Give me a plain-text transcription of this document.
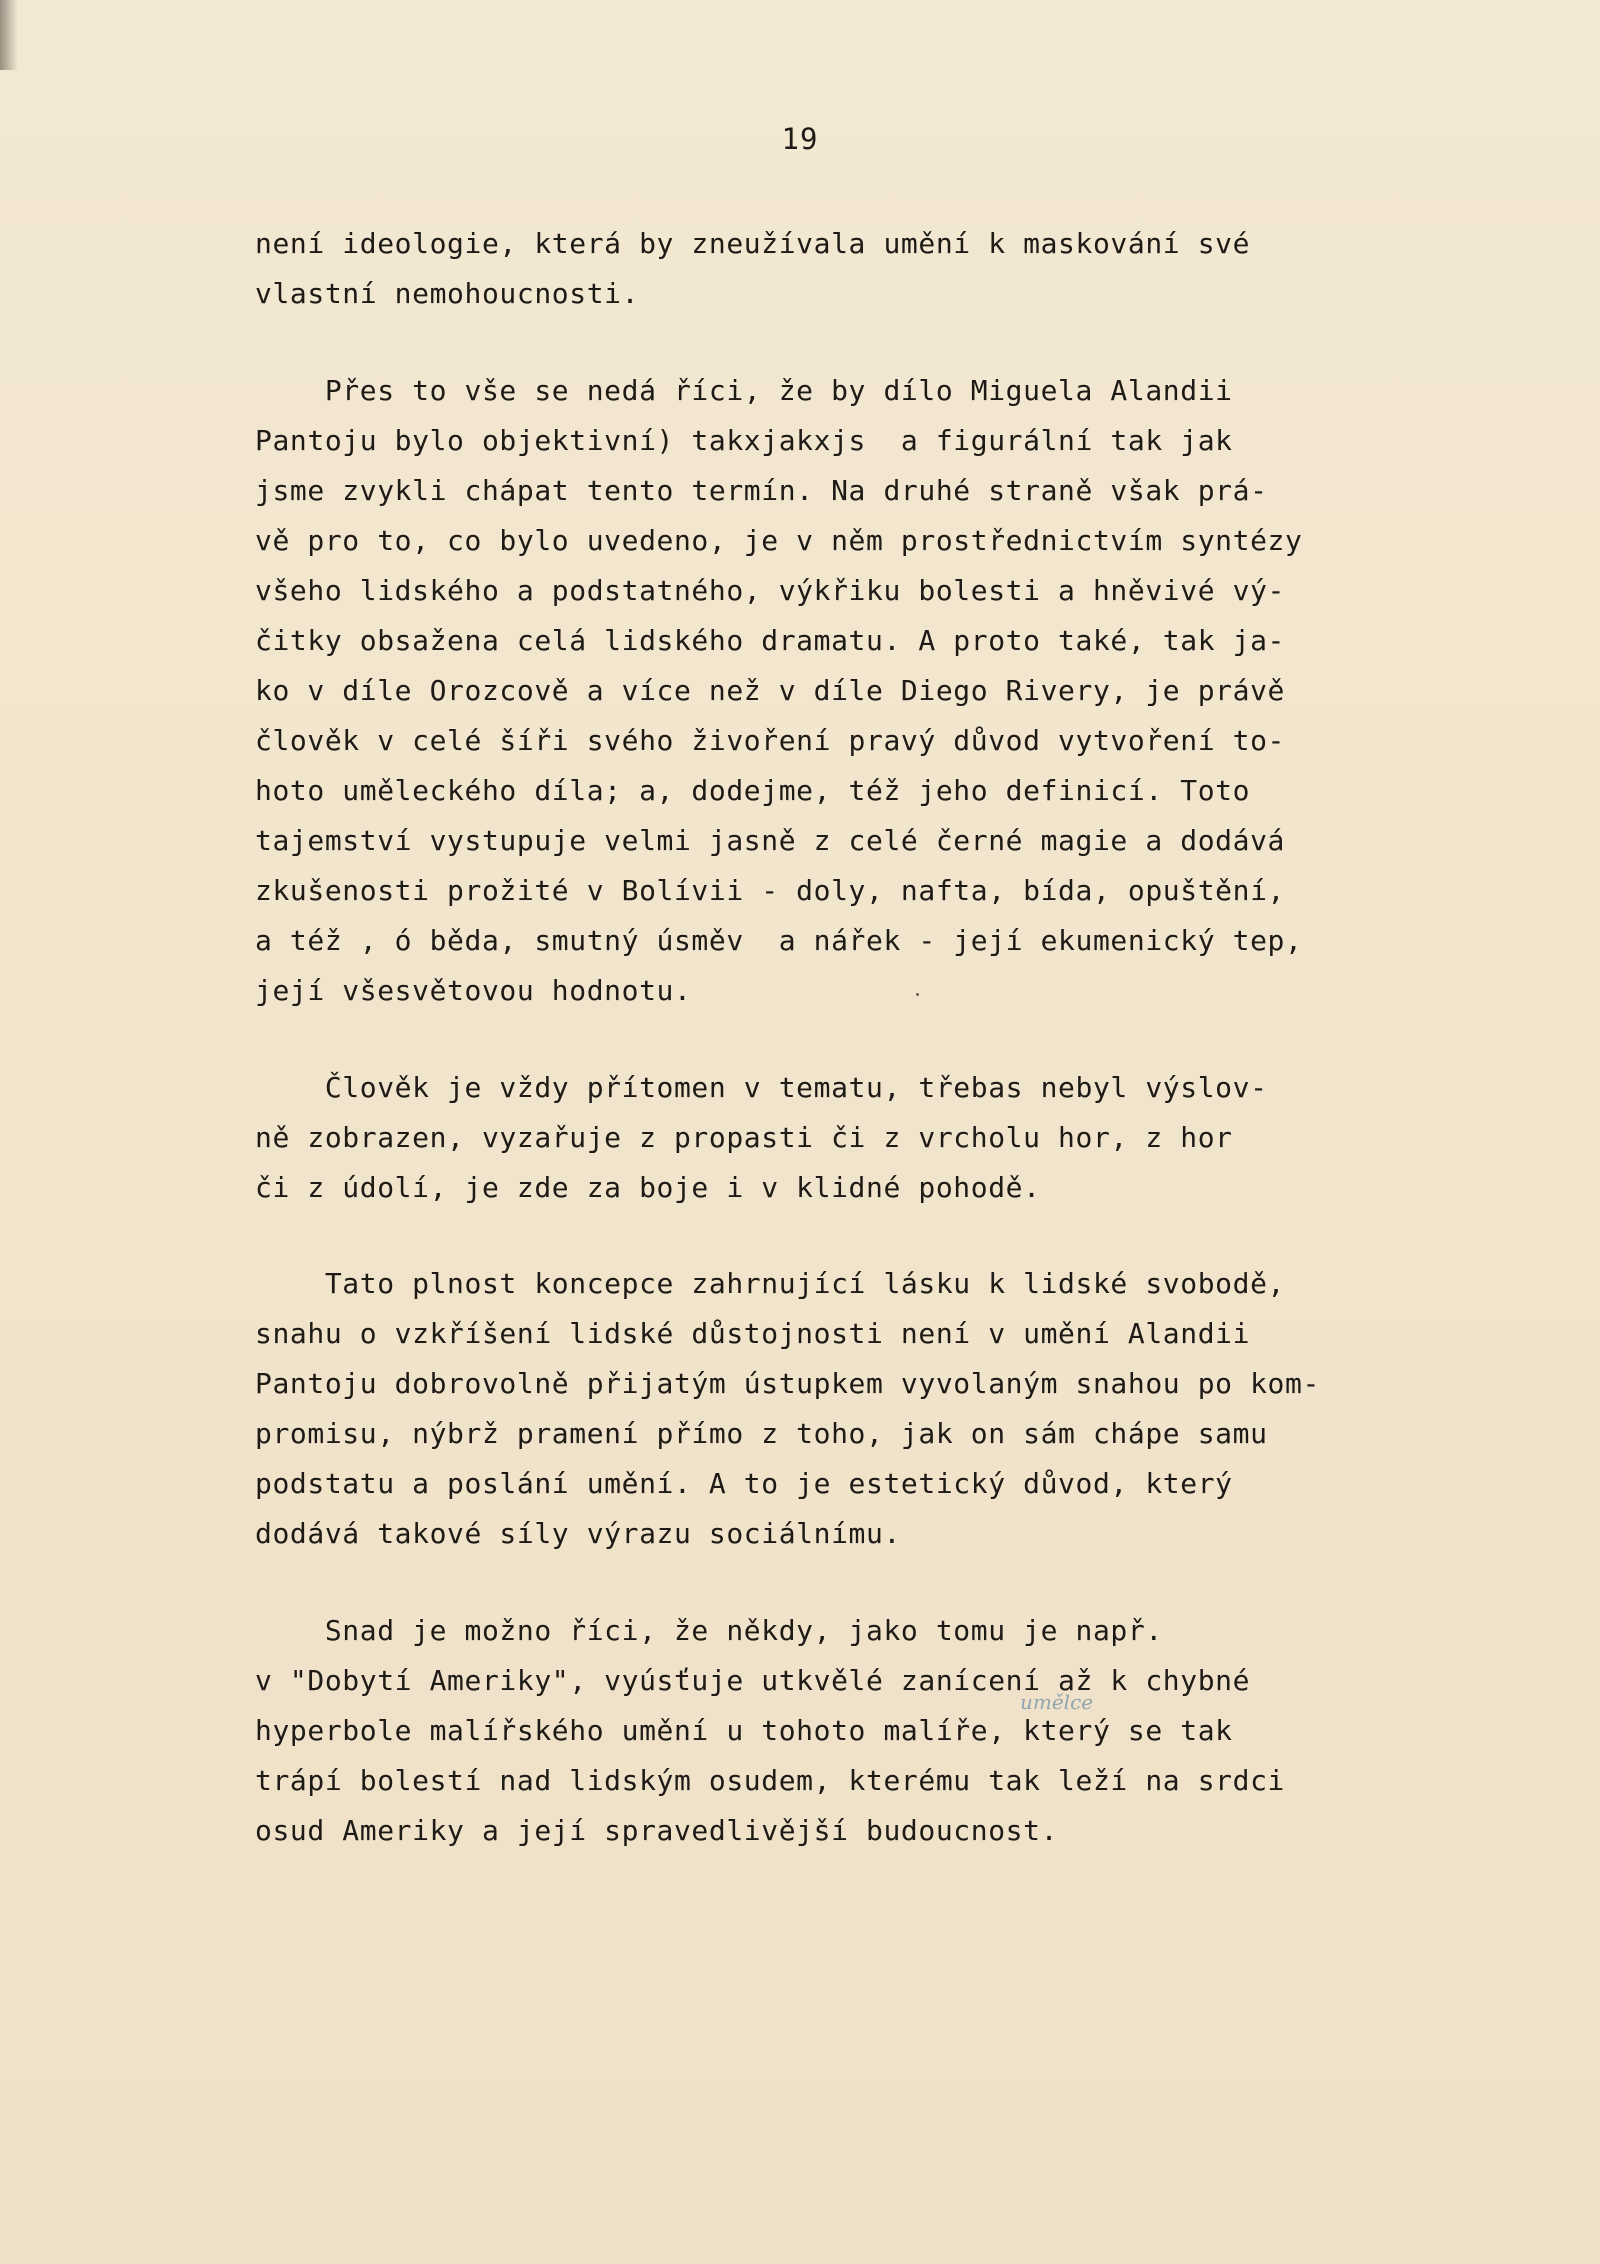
19
není ideologie, která by zneužívala umění k maskování své
vlastní nemohoucnosti.
Přes to vše se nedá říci, že by dílo Miguela Alandii
Pantoju bylo objektivní) takxjakxjs  a figurální tak jak
jsme zvykli chápat tento termín. Na druhé straně však prá-
vě pro to, co bylo uvedeno, je v něm prostřednictvím syntézy
všeho lidského a podstatného, výkřiku bolesti a hněvivé vý-
čitky obsažena celá lidského dramatu. A proto také, tak ja-
ko v díle Orozcově a více než v díle Diego Rivery, je právě
člověk v celé šíři svého živoření pravý důvod vytvoření to-
hoto uměleckého díla; a, dodejme, též jeho definicí. Toto
tajemství vystupuje velmi jasně z celé černé magie a dodává
zkušenosti prožité v Bolívii - doly, nafta, bída, opuštění,
a též , ó běda, smutný úsměv  a nářek - její ekumenický tep,
její všesvětovou hodnotu.
Člověk je vždy přítomen v tematu, třebas nebyl výslov-
ně zobrazen, vyzařuje z propasti či z vrcholu hor, z hor
či z údolí, je zde za boje i v klidné pohodě.
Tato plnost koncepce zahrnující lásku k lidské svobodě,
snahu o vzkříšení lidské důstojnosti není v umění Alandii
Pantoju dobrovolně přijatým ústupkem vyvolaným snahou po kom-
promisu, nýbrž pramení přímo z toho, jak on sám chápe samu
podstatu a poslání umění. A to je estetický důvod, který
dodává takové síly výrazu sociálnímu.
Snad je možno říci, že někdy, jako tomu je např.
v "Dobytí Ameriky", vyúsťuje utkvělé zanícení až k chybné
umělce
hyperbole malířského umění u tohoto malíře, který se tak
trápí bolestí nad lidským osudem, kterému tak leží na srdci
osud Ameriky a její spravedlivější budoucnost.
